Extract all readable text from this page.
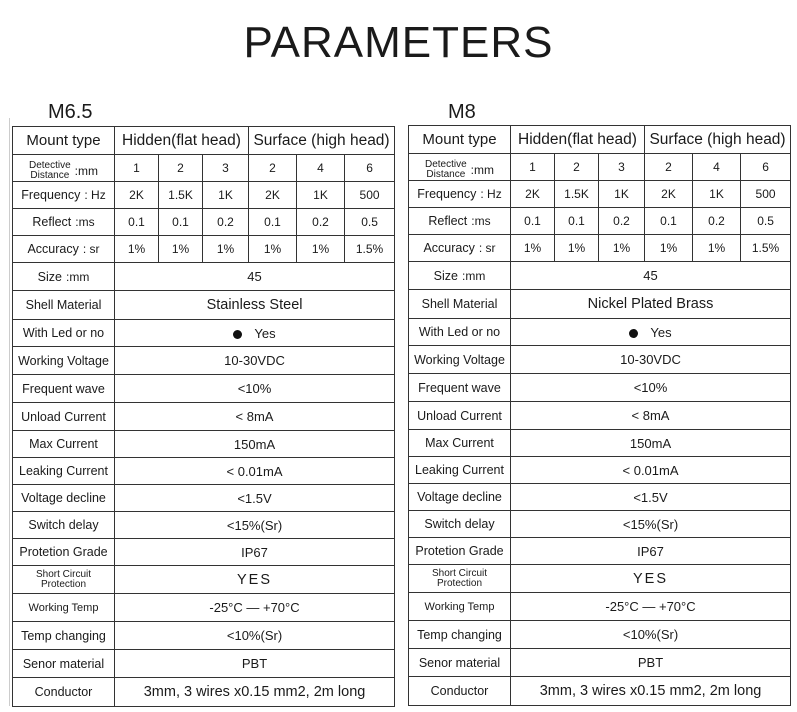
PARAMETERS
M6.5
Mount type	Hidden(flat head)			Surface (high head)		

Detective
Distance :mm	1	2	3	2	4	6
Frequency : Hz	2K	1.5K	1K	2K	1K	500
Reflect :ms	0.1	0.1	0.2	0.1	0.2	0.5
Accuracy : sr	1%	1%	1%	1%	1%	1.5%
Size :mm	45					
Shell Material	Stainless Steel					
With Led or no	Yes					
Working Voltage	10-30VDC					
Frequent wave	<10%					
Unload Current	< 8mA					
Max Current	150mA					
Leaking Current	< 0.01mA					
Voltage decline	<1.5V					
Switch delay	<15%(Sr)					
Protetion Grade	IP67					

Short Circuit
Protection	YES					
Working Temp	-25°C — +70°C					
Temp changing	<10%(Sr)					
Senor material	PBT					
Conductor	3mm, 3 wires x0.15 mm2, 2m long					
M8
Mount type	Hidden(flat head)			Surface (high head)		

Detective
Distance :mm	1	2	3	2	4	6
Frequency : Hz	2K	1.5K	1K	2K	1K	500
Reflect :ms	0.1	0.1	0.2	0.1	0.2	0.5
Accuracy : sr	1%	1%	1%	1%	1%	1.5%
Size :mm	45					
Shell Material	Nickel Plated Brass					
With Led or no	Yes					
Working Voltage	10-30VDC					
Frequent wave	<10%					
Unload Current	< 8mA					
Max Current	150mA					
Leaking Current	< 0.01mA					
Voltage decline	<1.5V					
Switch delay	<15%(Sr)					
Protetion Grade	IP67					

Short Circuit
Protection	YES					
Working Temp	-25°C — +70°C					
Temp changing	<10%(Sr)					
Senor material	PBT					
Conductor	3mm, 3 wires x0.15 mm2, 2m long					
